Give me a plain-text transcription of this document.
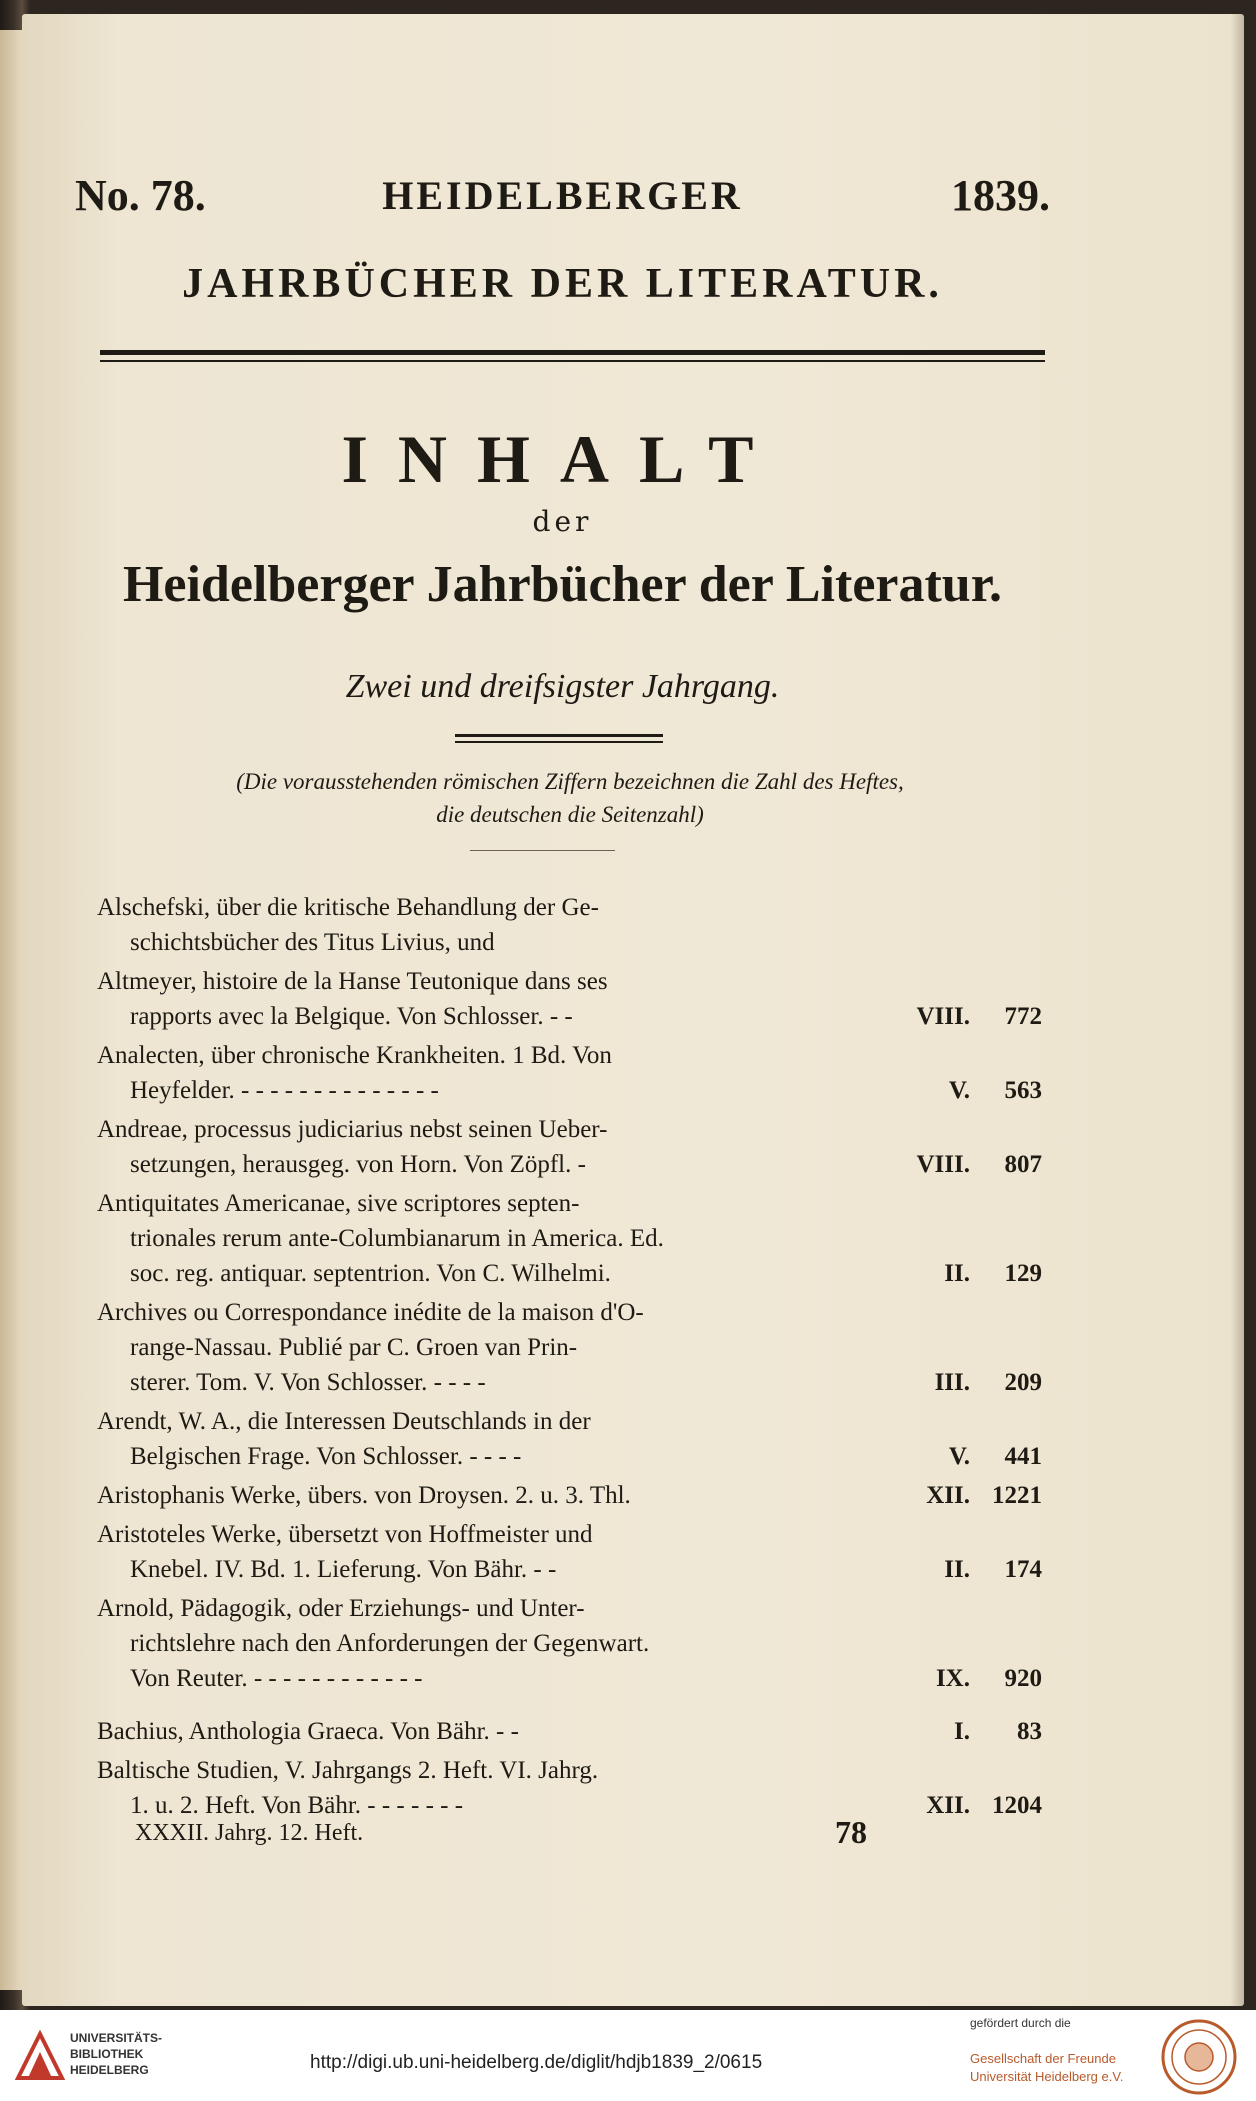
No. 78.	HEIDELBERGER	1839.
JAHRBÜCHER DER LITERATUR.
INHALT
der
Heidelberger Jahrbücher der Literatur.
Zwei und dreifsigster Jahrgang.
(Die vorausstehenden römischen Ziffern bezeichnen die Zahl des Heftes,
die deutschen die Seitenzahl)
Alschefski, über die kritische Behandlung der Ge-
schichtsbücher des Titus Livius, und
Altmeyer, histoire de la Hanse Teutonique dans ses
rapports avec la Belgique. Von Schlosser. - -	VIII. 772
Analecten, über chronische Krankheiten. 1 Bd. Von
Heyfelder. - - - - - - - - - - - - - -	V. 563
Andreae, processus judiciarius nebst seinen Ueber-
setzungen, herausgeg. von Horn. Von Zöpfl. -	VIII. 807
Antiquitates Americanae, sive scriptores septen-
trionales rerum ante-Columbianarum in America. Ed.
soc. reg. antiquar. septentrion. Von C. Wilhelmi.	II. 129
Archives ou Correspondance inédite de la maison d'O-
range-Nassau. Publié par C. Groen van Prin-
sterer. Tom. V. Von Schlosser. - - - -	III. 209
Arendt, W. A., die Interessen Deutschlands in der
Belgischen Frage. Von Schlosser. - - - -	V. 441
Aristophanis Werke, übers. von Droysen. 2. u. 3. Thl.	XII. 1221
Aristoteles Werke, übersetzt von Hoffmeister und
Knebel. IV. Bd. 1. Lieferung. Von Bähr. - -	II. 174
Arnold, Pädagogik, oder Erziehungs- und Unter-
richtslehre nach den Anforderungen der Gegenwart.
Von Reuter. - - - - - - - - - - - -	IX. 920
Bachius, Anthologia Graeca. Von Bähr. - -	I. 83
Baltische Studien, V. Jahrgangs 2. Heft. VI. Jahrg.
1. u. 2. Heft. Von Bähr. - - - - - - -	XII. 1204
XXXII. Jahrg. 12. Heft.	78
UNIVERSITÄTS-
BIBLIOTHEK
HEIDELBERG	http://digi.ub.uni-heidelberg.de/diglit/hdjb1839_2/0615
gefördert durch die
Gesellschaft der Freunde
Universität Heidelberg e.V.
